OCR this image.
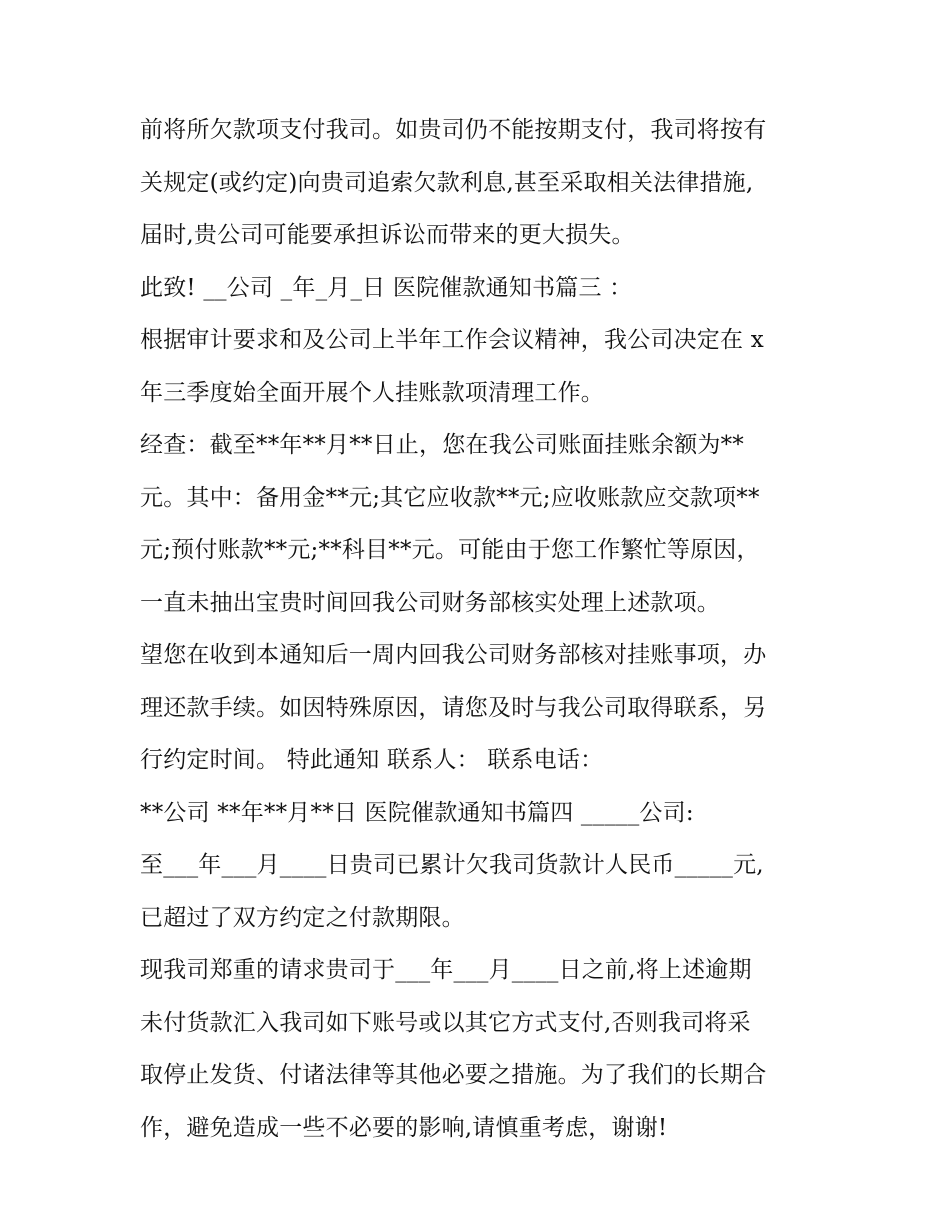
前将所欠款项支付我司。如贵司仍不能按期支付，我司将按有
关规定(或约定)向贵司追索欠款利息,甚至采取相关法律措施,
届时,贵公司可能要承担诉讼而带来的更大损失。
此致! __公司 _年_月_日 医院催款通知书篇三 ：
根据审计要求和及公司上半年工作会议精神，我公司决定在 x
年三季度始全面开展个人挂账款项清理工作。
经查：截至**年**月**日止，您在我公司账面挂账余额为**
元。其中：备用金**元;其它应收款**元;应收账款应交款项**
元;预付账款**元;**科目**元。可能由于您工作繁忙等原因，
一直未抽出宝贵时间回我公司财务部核实处理上述款项。
望您在收到本通知后一周内回我公司财务部核对挂账事项，办
理还款手续。如因特殊原因，请您及时与我公司取得联系，另
行约定时间。 特此通知 联系人： 联系电话：
**公司 **年**月**日 医院催款通知书篇四 _____公司:
至___年___月____日贵司已累计欠我司货款计人民币_____元,
已超过了双方约定之付款期限。
现我司郑重的请求贵司于___年___月____日之前,将上述逾期
未付货款汇入我司如下账号或以其它方式支付,否则我司将采
取停止发货、付诸法律等其他必要之措施。为了我们的长期合
作，避免造成一些不必要的影响,请慎重考虑，谢谢!
